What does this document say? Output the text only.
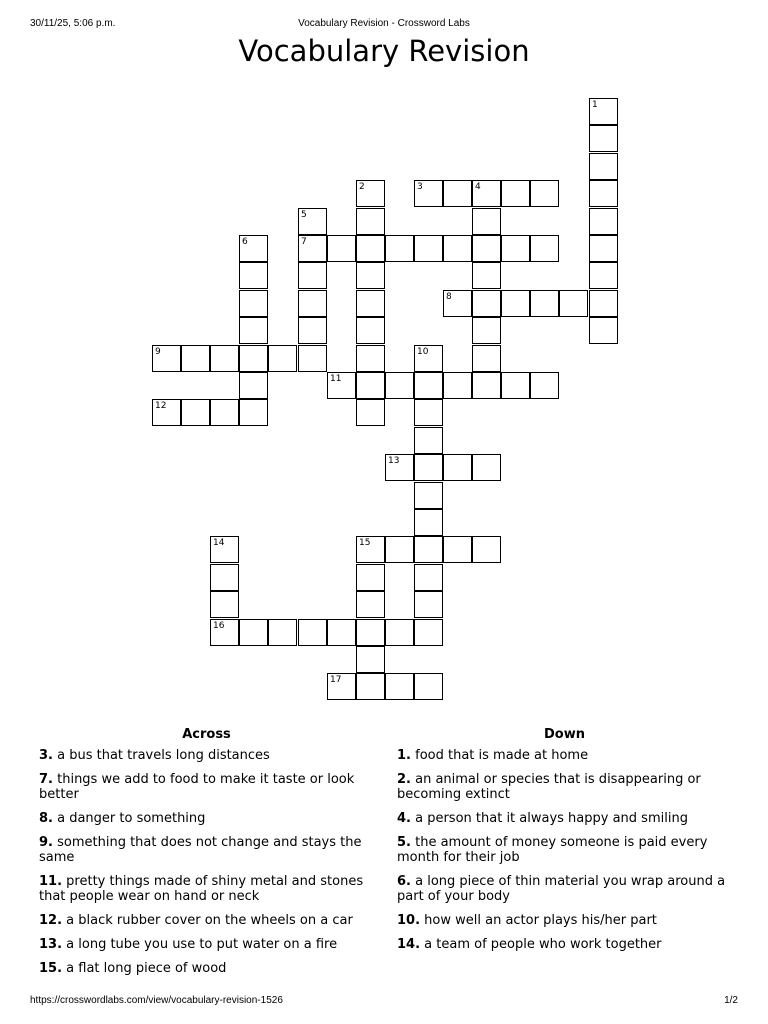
30/11/25, 5:06 p.m.	Vocabulary Revision - Crossword Labs
Vocabulary Revision
1
2	3	4
5
7
6
8
9	10
11
12
13
14
16
15
17
Across
3. a bus that travels long distances
7. things we add to food to make it taste or look better
8. a danger to something
9. something that does not change and stays the same
11. pretty things made of shiny metal and stones that people wear on hand or neck
12. a black rubber cover on the wheels on a car
13. a long tube you use to put water on a fire
15. a flat long piece of wood
Down
1. food that is made at home
2. an animal or species that is disappearing or becoming extinct
4. a person that it always happy and smiling
5. the amount of money someone is paid every month for their job
6. a long piece of thin material you wrap around a part of your body
10. how well an actor plays his/her part
14. a team of people who work together
https://crosswordlabs.com/view/vocabulary-revision-1526	1/2
